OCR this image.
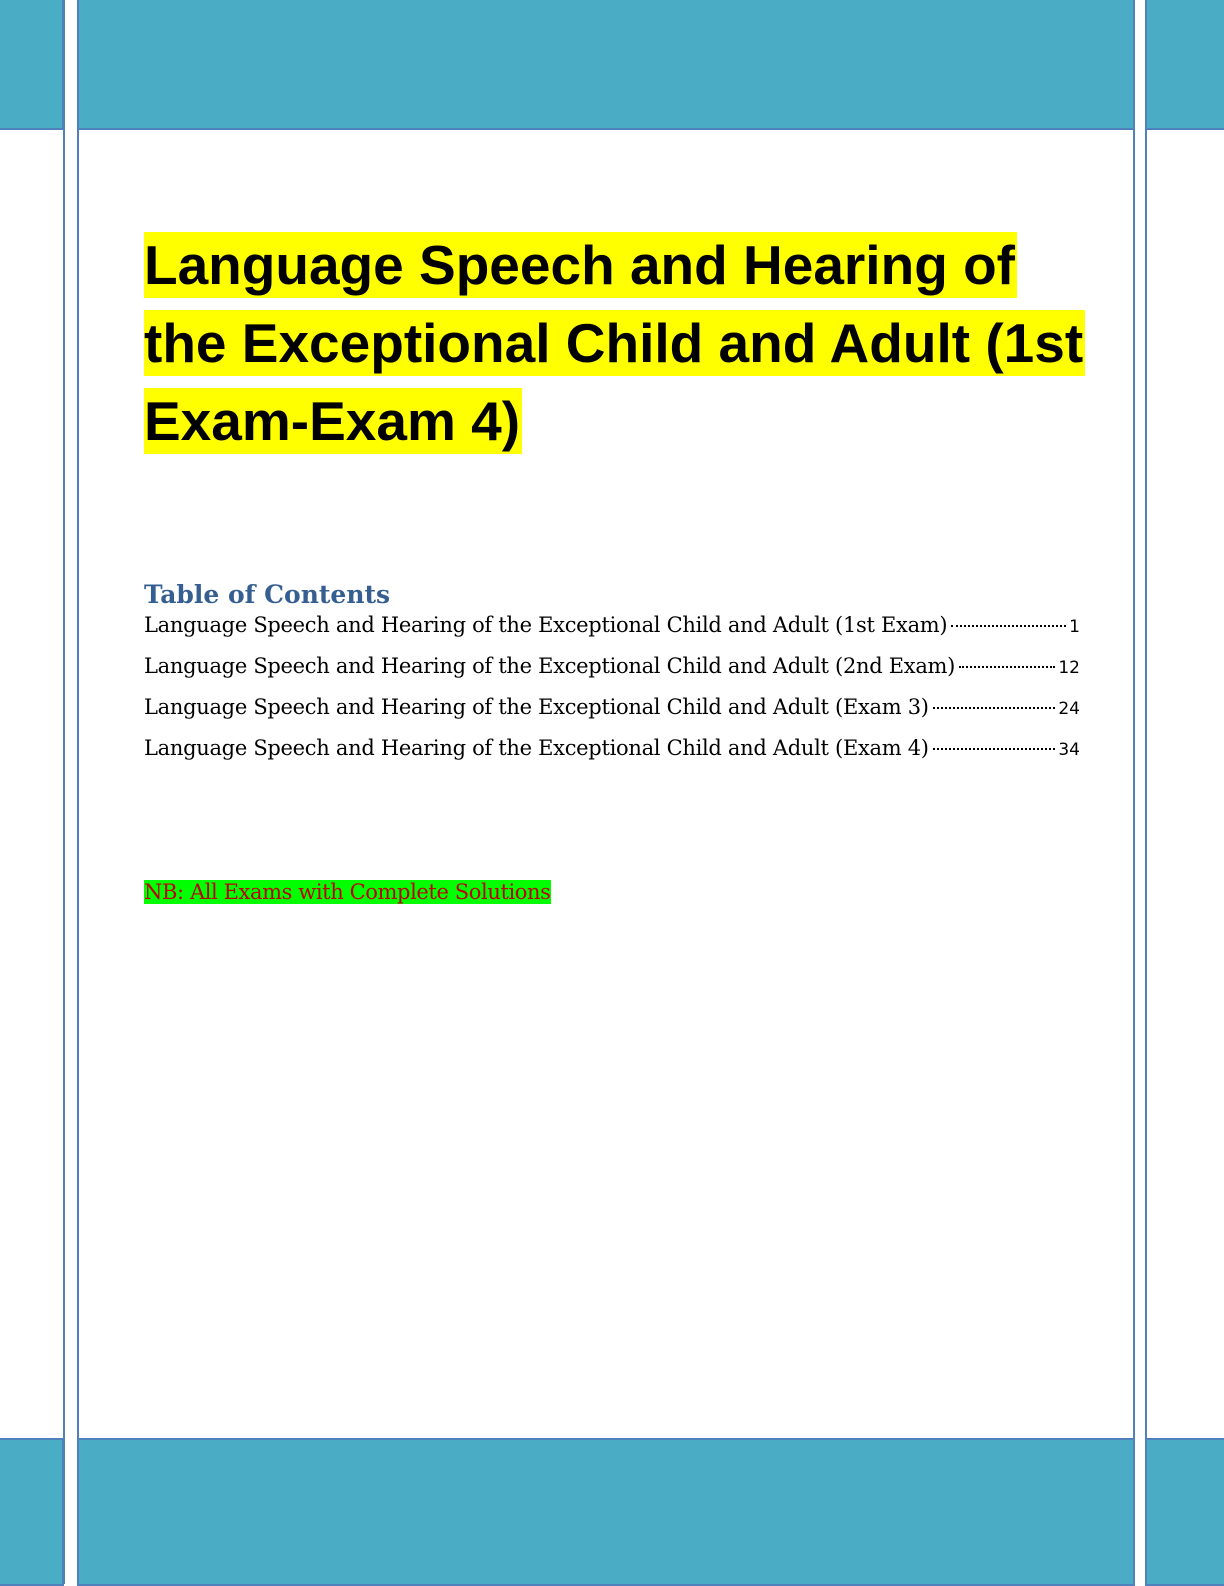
Language Speech and Hearing of the Exceptional Child and Adult (1st Exam-Exam 4)
Table of Contents
Language Speech and Hearing of the Exceptional Child and Adult (1st Exam)	1
Language Speech and Hearing of the Exceptional Child and Adult (2nd Exam)	12
Language Speech and Hearing of the Exceptional Child and Adult (Exam 3)	24
Language Speech and Hearing of the Exceptional Child and Adult (Exam 4)	34

NB: All Exams with Complete Solutions
